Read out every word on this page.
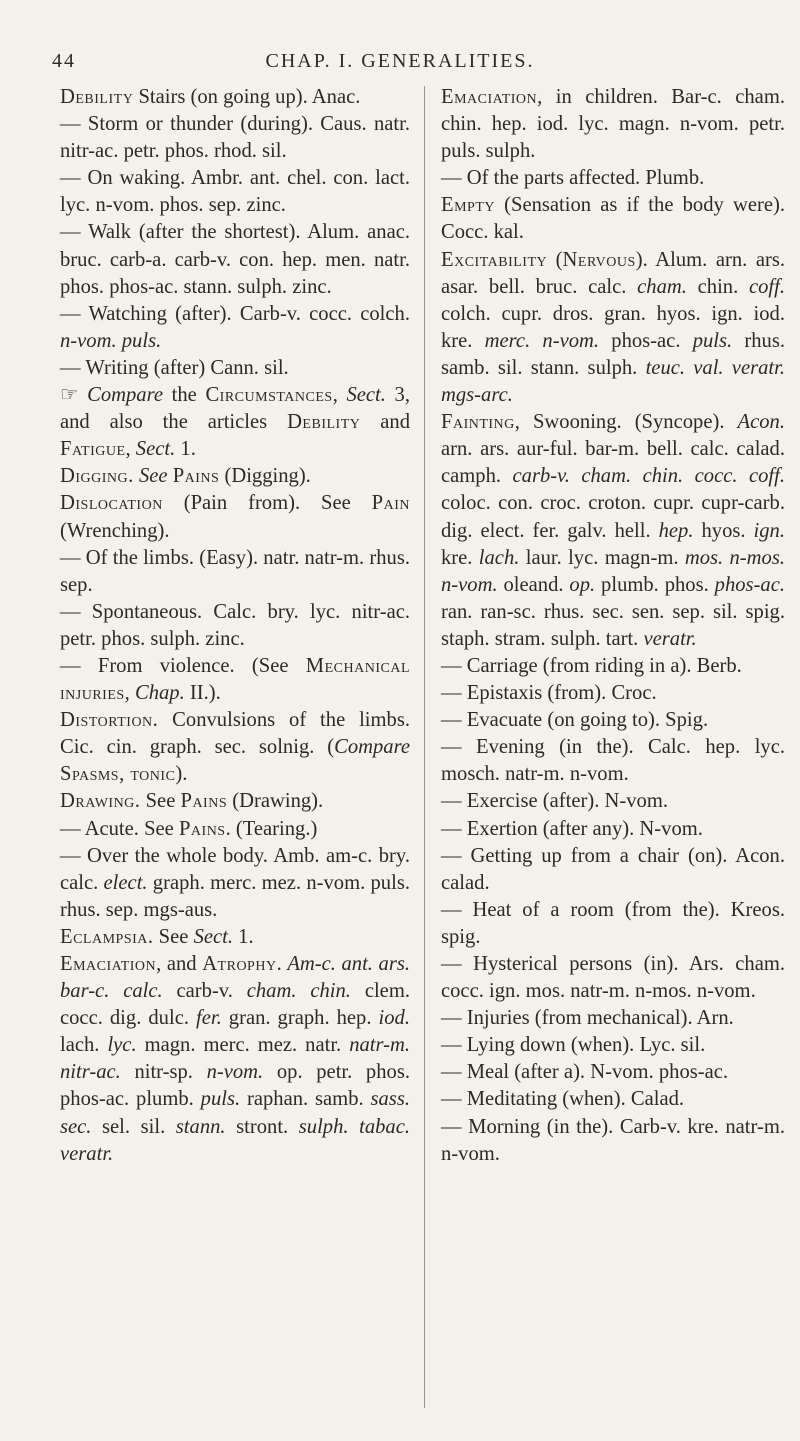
44	CHAP. I. GENERALITIES.

Debility Stairs (on going up). Anac.

— Storm or thunder (during). Caus. natr. nitr-ac. petr. phos. rhod. sil.

— On waking. Ambr. ant. chel. con. lact. lyc. n-vom. phos. sep. zinc.

— Walk (after the shortest). Alum. anac. bruc. carb-a. carb-v. con. hep. men. natr. phos. phos-ac. stann. sulph. zinc.

— Watching (after). Carb-v. cocc. colch. n-vom. puls.

— Writing (after) Cann. sil.

☞ Compare the Circumstances, Sect. 3, and also the articles Debility and Fatigue, Sect. 1.

Digging. See Pains (Digging).

Dislocation (Pain from). See Pain (Wrenching).

— Of the limbs. (Easy). natr. natr-m. rhus. sep.

— Spontaneous. Calc. bry. lyc. nitr-ac. petr. phos. sulph. zinc.

— From violence. (See Mechanical injuries, Chap. II.).

Distortion. Convulsions of the limbs. Cic. cin. graph. sec. solnig. (Compare Spasms, tonic).

Drawing. See Pains (Drawing).

— Acute. See Pains. (Tearing.)

— Over the whole body. Amb. am-c. bry. calc. elect. graph. merc. mez. n-vom. puls. rhus. sep. mgs-aus.

Eclampsia. See Sect. 1.

Emaciation, and Atrophy. Am-c. ant. ars. bar-c. calc. carb-v. cham. chin. clem. cocc. dig. dulc. fer. gran. graph. hep. iod. lach. lyc. magn. merc. mez. natr. natr-m. nitr-ac. nitr-sp. n-vom. op. petr. phos. phos-ac. plumb. puls. raphan. samb. sass. sec. sel. sil. stann. stront. sulph. tabac. veratr.

Emaciation, in children. Bar-c. cham. chin. hep. iod. lyc. magn. n-vom. petr. puls. sulph.

— Of the parts affected. Plumb.

Empty (Sensation as if the body were). Cocc. kal.

Excitability (Nervous). Alum. arn. ars. asar. bell. bruc. calc. cham. chin. coff. colch. cupr. dros. gran. hyos. ign. iod. kre. merc. n-vom. phos-ac. puls. rhus. samb. sil. stann. sulph. teuc. val. veratr. mgs-arc.

Fainting, Swooning. (Syncope). Acon. arn. ars. aur-ful. bar-m. bell. calc. calad. camph. carb-v. cham. chin. cocc. coff. coloc. con. croc. croton. cupr. cupr-carb. dig. elect. fer. galv. hell. hep. hyos. ign. kre. lach. laur. lyc. magn-m. mos. n-mos. n-vom. oleand. op. plumb. phos. phos-ac. ran. ran-sc. rhus. sec. sen. sep. sil. spig. staph. stram. sulph. tart. veratr.

— Carriage (from riding in a). Berb.

— Epistaxis (from). Croc.

— Evacuate (on going to). Spig.

— Evening (in the). Calc. hep. lyc. mosch. natr-m. n-vom.

— Exercise (after). N-vom.

— Exertion (after any). N-vom.

— Getting up from a chair (on). Acon. calad.

— Heat of a room (from the). Kreos. spig.

— Hysterical persons (in). Ars. cham. cocc. ign. mos. natr-m. n-mos. n-vom.

— Injuries (from mechanical). Arn.

— Lying down (when). Lyc. sil.

— Meal (after a). N-vom. phos-ac.

— Meditating (when). Calad.

— Morning (in the). Carb-v. kre. natr-m. n-vom.
